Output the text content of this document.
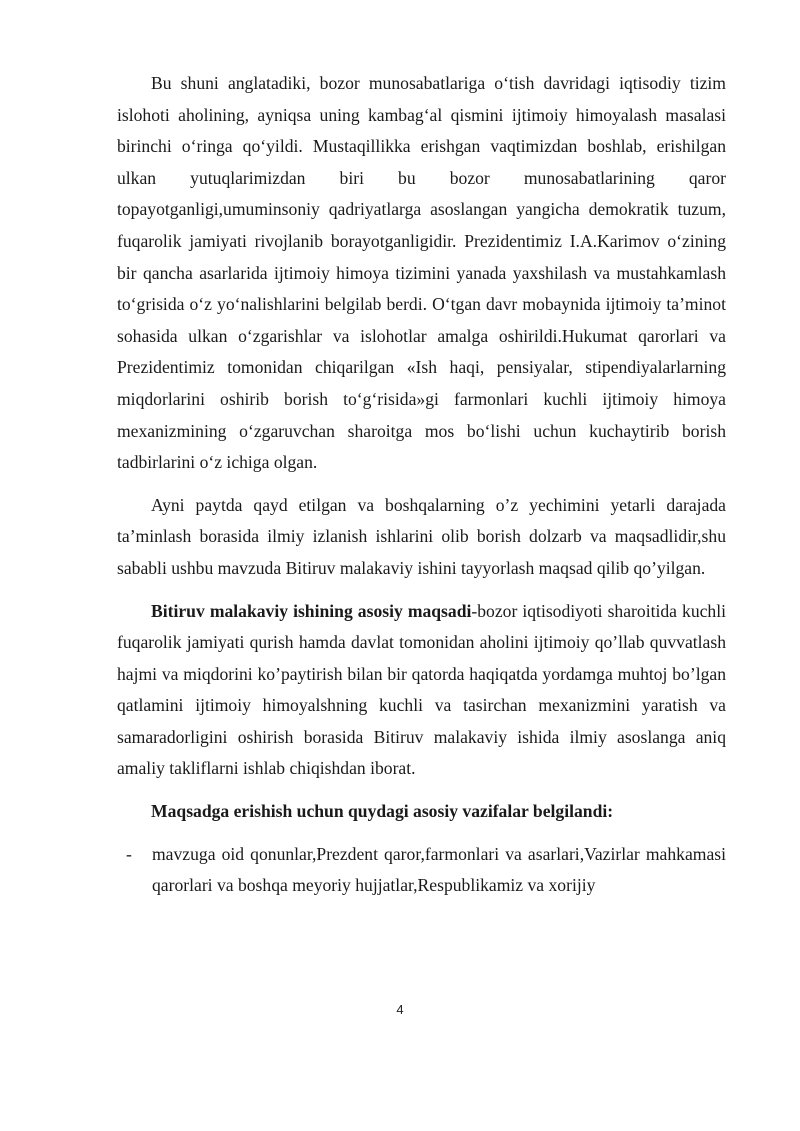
Bu shuni anglatadiki, bozor munosabatlariga o‘tish davridagi iqtisodiy tizim islohoti aholining, ayniqsa uning kambag‘al qismini ijtimoiy himoyalash masalasi birinchi o‘ringa qo‘yildi. Mustaqillikka erishgan vaqtimizdan boshlab, erishilgan ulkan yutuqlarimizdan biri bu bozor munosabatlarining qaror topayotganligi,umuminsoniy qadriyatlarga asoslangan yangicha demokratik tuzum, fuqarolik jamiyati rivojlanib borayotganligidir. Prezidentimiz I.A.Karimov o‘zining bir qancha asarlarida ijtimoiy himoya tizimini yanada yaxshilash va mustahkamlash to‘grisida o‘z yo‘nalishlarini belgilab berdi. O‘tgan davr mobaynida ijtimoiy ta’minot sohasida ulkan o‘zgarishlar va islohotlar amalga oshirildi.Hukumat qarorlari va Prezidentimiz tomonidan chiqarilgan «Ish haqi, pensiyalar, stipendiyalarlarning miqdorlarini oshirib borish to‘g‘risida»gi farmonlari kuchli ijtimoiy himoya mexanizmining o‘zgaruvchan sharoitga mos bo‘lishi uchun kuchaytirib borish tadbirlarini o‘z ichiga olgan.

Ayni paytda qayd etilgan va boshqalarning o’z yechimini yetarli darajada ta’minlash borasida ilmiy izlanish ishlarini olib borish dolzarb va maqsadlidir,shu sababli ushbu mavzuda Bitiruv malakaviy ishini tayyorlash maqsad qilib qo’yilgan.

Bitiruv malakaviy ishining asosiy maqsadi-bozor iqtisodiyoti sharoitida kuchli fuqarolik jamiyati qurish hamda davlat tomonidan aholini ijtimoiy qo’llab quvvatlash hajmi va miqdorini ko’paytirish bilan bir qatorda haqiqatda yordamga muhtoj bo’lgan qatlamini ijtimoiy himoyalshning kuchli va tasirchan mexanizmini yaratish va samaradorligini oshirish borasida Bitiruv malakaviy ishida ilmiy asoslanga aniq amaliy takliflarni ishlab chiqishdan iborat.

Maqsadga erishish uchun quydagi asosiy vazifalar belgilandi:

- mavzuga oid qonunlar,Prezdent qaror,farmonlari va asarlari,Vazirlar mahkamasi qarorlari va boshqa meyoriy hujjatlar,Respublikamiz va xorijiy
4
